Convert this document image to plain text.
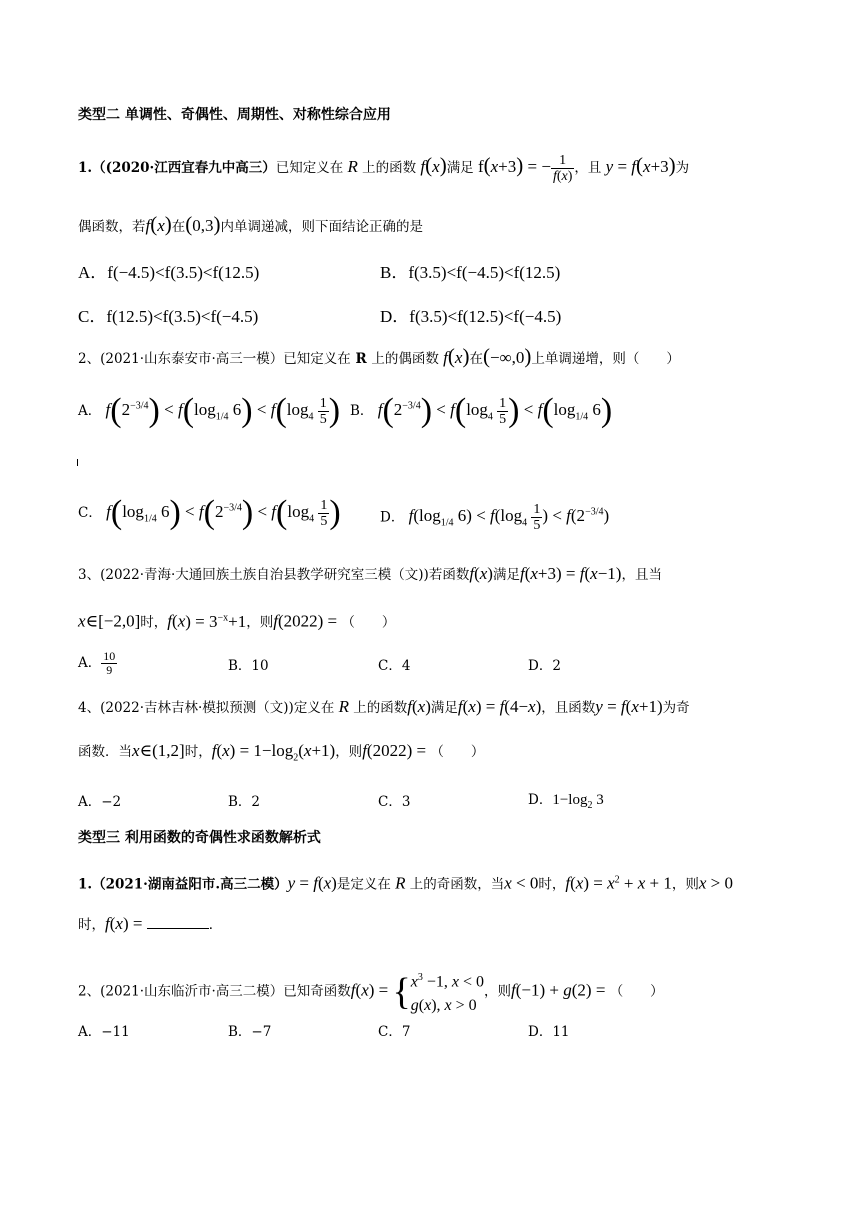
类型二 单调性、奇偶性、周期性、对称性综合应用
1.（(2020·江西宜春九中高三）已知定义在 R 上的函数 f(x)满足 f(x+3) = − $\frac{1}{f(x)}$ ，且 y = f(x+3)为
偶函数，若f(x)在(0,3)内单调递减，则下面结论正确的是
A．f(−4.5)<f(3.5)<f(12.5)	B．f(3.5)<f(−4.5)<f(12.5)
C．f(12.5)<f(3.5)<f(−4.5)	D．f(3.5)<f(12.5)<f(−4.5)
2、(2021·山东泰安市·高三一模）已知定义在 R 上的偶函数 f(x)在(−∞,0)上单调递增，则（　　）
A． $f(2^{-3/4}) < f(\log_{1/4}$ $6) < f(\log_4 \frac{1}{5}$ ) B． $f(2^{-3/4}) < f(\log_4 \frac{1}{5}$ ) < $f(\log_{1/4}$ 6)
C． $f(\log_{1/4}$ $6) < f(2^{-3/4}) < f(\log_4 \frac{1}{5}$ )	D． $f(\log_{1/4}$ $6) < f(\log_4 \frac{1}{5}$ ) < $f(2^{-3/4})$
3、(2022·青海·大通回族土族自治县教学研究室三模（文))若函数f(x)满足f(x+3) = f(x−1)，且当
x∈[−2,0]时，$f(x) = 3^{-x}+1$，则f(2022) = （　　）
A． $\frac{10}{9}$	B．10	C．4	D．2
4、(2022·吉林吉林·模拟预测（文))定义在 R 上的函数f(x)满足f(x) = f(4−x)，且函数y = f(x+1)为奇
函数．当x∈(1,2]时，$f(x) = 1-\log_2(x+1)$，则f(2022) = （　　）
A．−2	B．2	C．3	D．$1-\log_2$ 3
类型三 利用函数的奇偶性求函数解析式
1.（2021·湖南益阳市.高三二模）y = f(x)是定义在 R 上的奇函数，当x < 0时，$f(x) = x^2 + x + 1$，则x > 0
时，f(x) =	．
2、(2021·山东临沂市·高三二模）已知奇函数f(x) = { $x^3 -1$, x < 0
g(x), x > 0
，则f(−1) + g(2) = （　　）
A．−11	B．−7	C．7	D．11
